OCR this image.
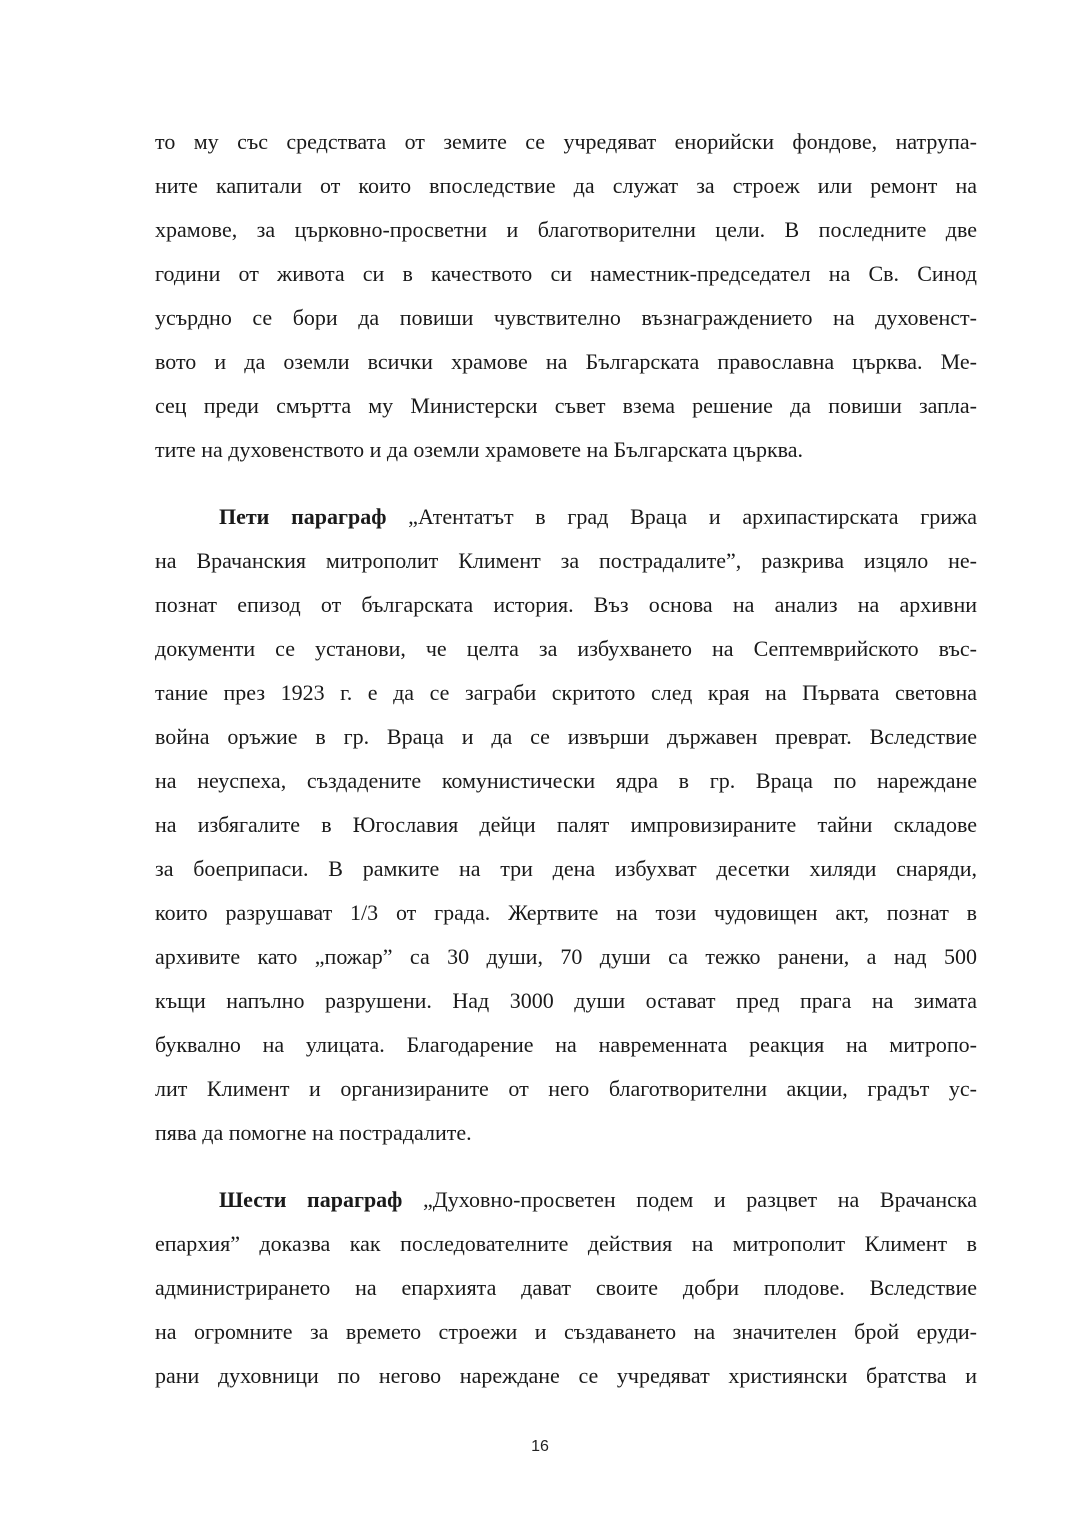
то му със средствата от земите се учредяват енорийски фондове, натрупа-
ните капитали от които впоследствие да служат за строеж или ремонт на
храмове, за църковно-просветни и благотворителни цели. В последните две
години от живота си в качеството си наместник-председател на Св. Синод
усърдно се бори да повиши чувствително възнаграждението на духовенст-
вото и да оземли всички храмове на Българската православна църква. Ме-
сец преди смъртта му Министерски съвет взема решение да повиши запла-
тите на духовенството и да оземли храмовете на Българската църква.
Пети параграф „Атентатът в град Враца и архипастирската грижа
на Врачанския митрополит Климент за пострадалите”, разкрива изцяло не-
познат епизод от българската история. Въз основа на анализ на архивни
документи се установи, че целта за избухването на Септемврийското въс-
тание през 1923 г. е да се заграби скритото след края на Първата световна
война оръжие в гр. Враца и да се извърши държавен преврат. Вследствие
на неуспеха, създадените комунистически ядра в гр. Враца по нареждане
на избягалите в Югославия дейци палят импровизираните тайни складове
за боеприпаси. В рамките на три дена избухват десетки хиляди снаряди,
които разрушават 1/3 от града. Жертвите на този чудовищен акт, познат в
архивите като „пожар” са 30 души, 70 души са тежко ранени, а над 500
къщи напълно разрушени. Над 3000 души остават пред прага на зимата
буквално на улицата. Благодарение на навременната реакция на митропо-
лит Климент и организираните от него благотворителни акции, градът ус-
пява да помогне на пострадалите.
Шести параграф „Духовно-просветен подем и разцвет на Врачанска
епархия” доказва как последователните действия на митрополит Климент в
администрирането на епархията дават своите добри плодове. Вследствие
на огромните за времето строежи и създаването на значителен брой еруди-
рани духовници по негово нареждане се учредяват християнски братства и
16
